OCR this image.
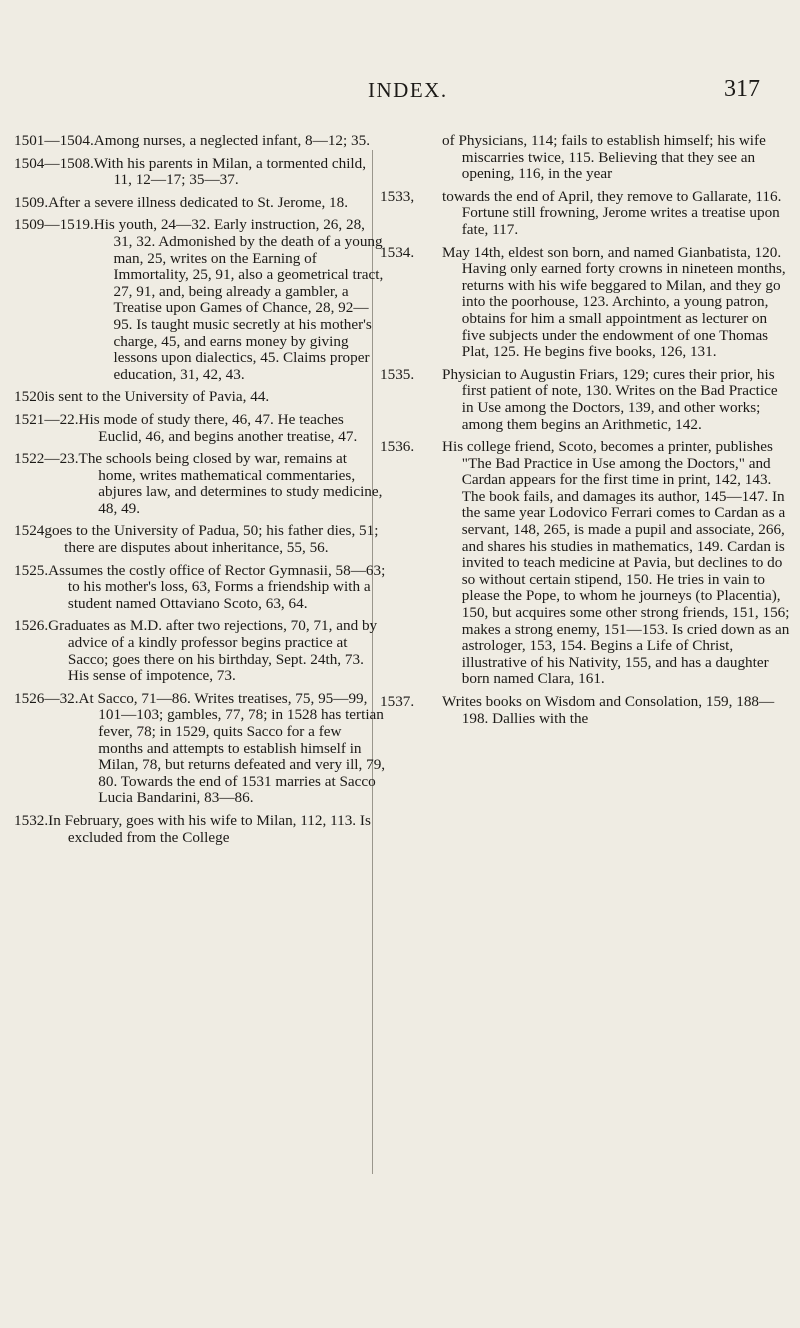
INDEX.	317
1501—1504. Among nurses, a neglected infant, 8—12; 35.
1504—1508. With his parents in Milan, a tormented child, 11, 12—17; 35—37.
1509. After a severe illness dedicated to St. Jerome, 18.
1509—1519. His youth, 24—32. Early instruction, 26, 28, 31, 32. Admonished by the death of a young man, 25, writes on the Earning of Immortality, 25, 91, also a geometrical tract, 27, 91, and, being already a gambler, a Treatise upon Games of Chance, 28, 92—95. Is taught music secretly at his mother's charge, 45, and earns money by giving lessons upon dialectics, 45. Claims proper education, 31, 42, 43.
1520 is sent to the University of Pavia, 44.
1521—22. His mode of study there, 46, 47. He teaches Euclid, 46, and begins another treatise, 47.
1522—23. The schools being closed by war, remains at home, writes mathematical commentaries, abjures law, and determines to study medicine, 48, 49.
1524 goes to the University of Padua, 50; his father dies, 51; there are disputes about inheritance, 55, 56.
1525. Assumes the costly office of Rector Gymnasii, 58—63; to his mother's loss, 63, Forms a friendship with a student named Ottaviano Scoto, 63, 64.
1526. Graduates as M.D. after two rejections, 70, 71, and by advice of a kindly professor begins practice at Sacco; goes there on his birthday, Sept. 24th, 73. His sense of impotence, 73.
1526—32. At Sacco, 71—86. Writes treatises, 75, 95—99, 101—103; gambles, 77, 78; in 1528 has tertian fever, 78; in 1529, quits Sacco for a few months and attempts to establish himself in Milan, 78, but returns defeated and very ill, 79, 80. Towards the end of 1531 marries at Sacco Lucia Bandarini, 83—86.
1532. In February, goes with his wife to Milan, 112, 113. Is excluded from the College
of Physicians, 114; fails to establish himself; his wife miscarries twice, 115. Believing that they see an opening, 116, in the year
1533,	towards the end of April, they remove to Gallarate, 116. Fortune still frowning, Jerome writes a treatise upon fate, 117.
1534.	May 14th, eldest son born, and named Gianbatista, 120. Having only earned forty crowns in nineteen months, returns with his wife beggared to Milan, and they go into the poorhouse, 123. Archinto, a young patron, obtains for him a small appointment as lecturer on five subjects under the endowment of one Thomas Plat, 125. He begins five books, 126, 131.
1535.	Physician to Augustin Friars, 129; cures their prior, his first patient of note, 130. Writes on the Bad Practice in Use among the Doctors, 139, and other works; among them begins an Arithmetic, 142.
1536.	His college friend, Scoto, becomes a printer, publishes "The Bad Practice in Use among the Doctors," and Cardan appears for the first time in print, 142, 143. The book fails, and damages its author, 145—147. In the same year Lodovico Ferrari comes to Cardan as a servant, 148, 265, is made a pupil and associate, 266, and shares his studies in mathematics, 149. Cardan is invited to teach medicine at Pavia, but declines to do so without certain stipend, 150. He tries in vain to please the Pope, to whom he journeys (to Placentia), 150, but acquires some other strong friends, 151, 156; makes a strong enemy, 151—153. Is cried down as an astrologer, 153, 154. Begins a Life of Christ, illustrative of his Nativity, 155, and has a daughter born named Clara, 161.
1537.	Writes books on Wisdom and Consolation, 159, 188—198. Dallies with the
